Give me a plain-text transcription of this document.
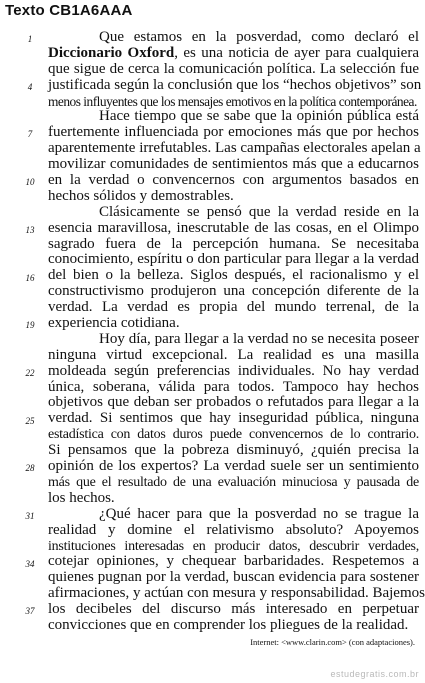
Texto CB1A6AAA
1
4
7
10
13
16
19
22
25
28
31
34
37
Que estamos en la posverdad, como declaró el
Diccionario Oxford, es una noticia de ayer para cualquiera
que sigue de cerca la comunicación política. La selección fue
justificada según la conclusión que los “hechos objetivos” son
menos influyentes que los mensajes emotivos en la política contemporánea.
Hace tiempo que se sabe que la opinión pública está
fuertemente influenciada por emociones más que por hechos
aparentemente irrefutables. Las campañas electorales apelan a
movilizar comunidades de sentimientos más que a educarnos
en la verdad o convencernos con argumentos basados en
hechos sólidos y demostrables.
Clásicamente se pensó que la verdad reside en la
esencia maravillosa, inescrutable de las cosas, en el Olimpo
sagrado fuera de la percepción humana. Se necesitaba
conocimiento, espíritu o don particular para llegar a la verdad
del bien o la belleza. Siglos después, el racionalismo y el
constructivismo produjeron una concepción diferente de la
verdad. La verdad es propia del mundo terrenal, de la
experiencia cotidiana.
Hoy día, para llegar a la verdad no se necesita poseer
ninguna virtud excepcional. La realidad es una masilla
moldeada según preferencias individuales. No hay verdad
única, soberana, válida para todos. Tampoco hay hechos
objetivos que deban ser probados o refutados para llegar a la
verdad. Si sentimos que hay inseguridad pública, ninguna
estadística con datos duros puede convencernos de lo contrario.
Si pensamos que la pobreza disminuyó, ¿quién precisa la
opinión de los expertos? La verdad suele ser un sentimiento
más que el resultado de una evaluación minuciosa y pausada de
los hechos.
¿Qué hacer para que la posverdad no se trague la
realidad y domine el relativismo absoluto? Apoyemos
instituciones interesadas en producir datos, descubrir verdades,
cotejar opiniones, y chequear barbaridades. Respetemos a
quienes pugnan por la verdad, buscan evidencia para sostener
afirmaciones, y actúan con mesura y responsabilidad. Bajemos
los decibeles del discurso más interesado en perpetuar
convicciones que en comprender los pliegues de la realidad.
Internet: <www.clarin.com> (con adaptaciones).
estudegratis.com.br
